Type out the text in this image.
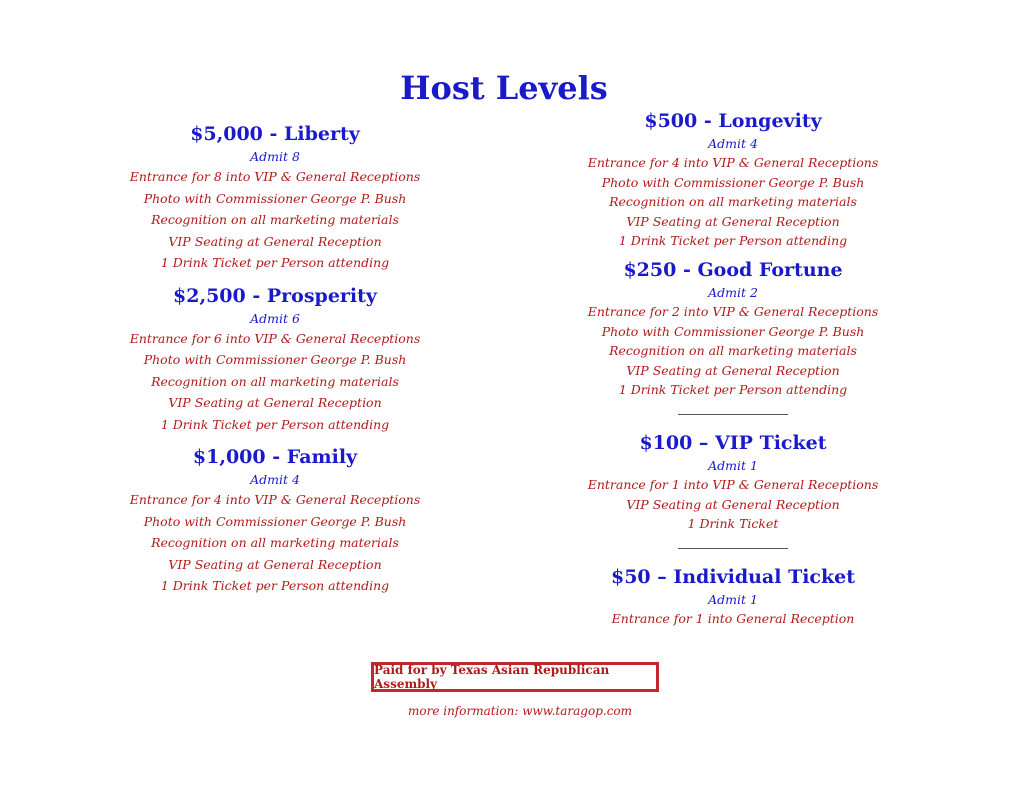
Host Levels
$5,000 - Liberty
Admit 8
Entrance for 8 into VIP & General Receptions
Photo with Commissioner George P. Bush
Recognition on all marketing materials
VIP Seating at General Reception
1 Drink Ticket per Person attending
$2,500 - Prosperity
Admit 6
Entrance for 6 into VIP & General Receptions
Photo with Commissioner George P. Bush
Recognition on all marketing materials
VIP Seating at General Reception
1 Drink Ticket per Person attending
$1,000 - Family
Admit 4
Entrance for 4 into VIP & General Receptions
Photo with Commissioner George P. Bush
Recognition on all marketing materials
VIP Seating at General Reception
1 Drink Ticket per Person attending
$500 - Longevity
Admit 4
Entrance for 4 into VIP & General Receptions
Photo with Commissioner George P. Bush
Recognition on all marketing materials
VIP Seating at General Reception
1 Drink Ticket per Person attending
$250 - Good Fortune
Admit 2
Entrance for 2 into VIP & General Receptions
Photo with Commissioner George P. Bush
Recognition on all marketing materials
VIP Seating at General Reception
1 Drink Ticket per Person attending
$100 – VIP Ticket
Admit 1
Entrance for 1 into VIP & General Receptions
VIP Seating at General Reception
1 Drink Ticket
$50 – Individual Ticket
Admit 1
Entrance for 1 into General Reception
Paid for by Texas Asian Republican Assembly
more information: www.taragop.com
